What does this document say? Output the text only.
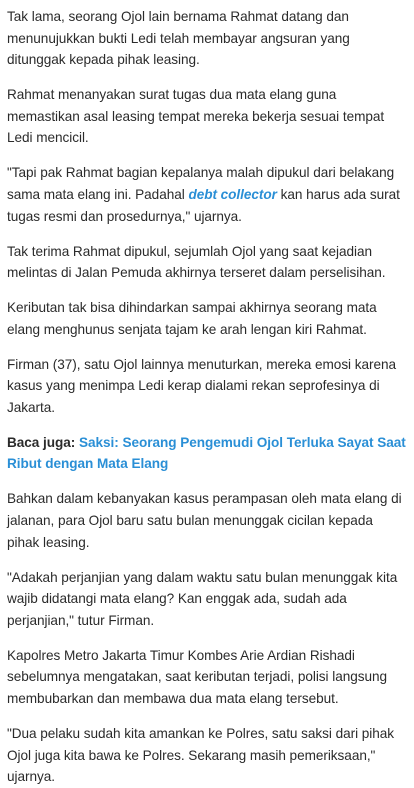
Tak lama, seorang Ojol lain bernama Rahmat datang dan menunujukkan bukti Ledi telah membayar angsuran yang ditunggak kepada pihak leasing.

Rahmat menanyakan surat tugas dua mata elang guna memastikan asal leasing tempat mereka bekerja sesuai tempat Ledi mencicil.

"Tapi pak Rahmat bagian kepalanya malah dipukul dari belakang sama mata elang ini. Padahal debt collector kan harus ada surat tugas resmi dan prosedurnya," ujarnya.

Tak terima Rahmat dipukul, sejumlah Ojol yang saat kejadian melintas di Jalan Pemuda akhirnya terseret dalam perselisihan.

Keributan tak bisa dihindarkan sampai akhirnya seorang mata elang menghunus senjata tajam ke arah lengan kiri Rahmat.

Firman (37), satu Ojol lainnya menuturkan, mereka emosi karena kasus yang menimpa Ledi kerap dialami rekan seprofesinya di Jakarta.

Baca juga: Saksi: Seorang Pengemudi Ojol Terluka Sayat Saat Ribut dengan Mata Elang

Bahkan dalam kebanyakan kasus perampasan oleh mata elang di jalanan, para Ojol baru satu bulan menunggak cicilan kepada pihak leasing.

"Adakah perjanjian yang dalam waktu satu bulan menunggak kita wajib didatangi mata elang? Kan enggak ada, sudah ada perjanjian," tutur Firman.

Kapolres Metro Jakarta Timur Kombes Arie Ardian Rishadi sebelumnya mengatakan, saat keributan terjadi, polisi langsung membubarkan dan membawa dua mata elang tersebut.

"Dua pelaku sudah kita amankan ke Polres, satu saksi dari pihak Ojol juga kita bawa ke Polres. Sekarang masih pemeriksaan," ujarnya.
